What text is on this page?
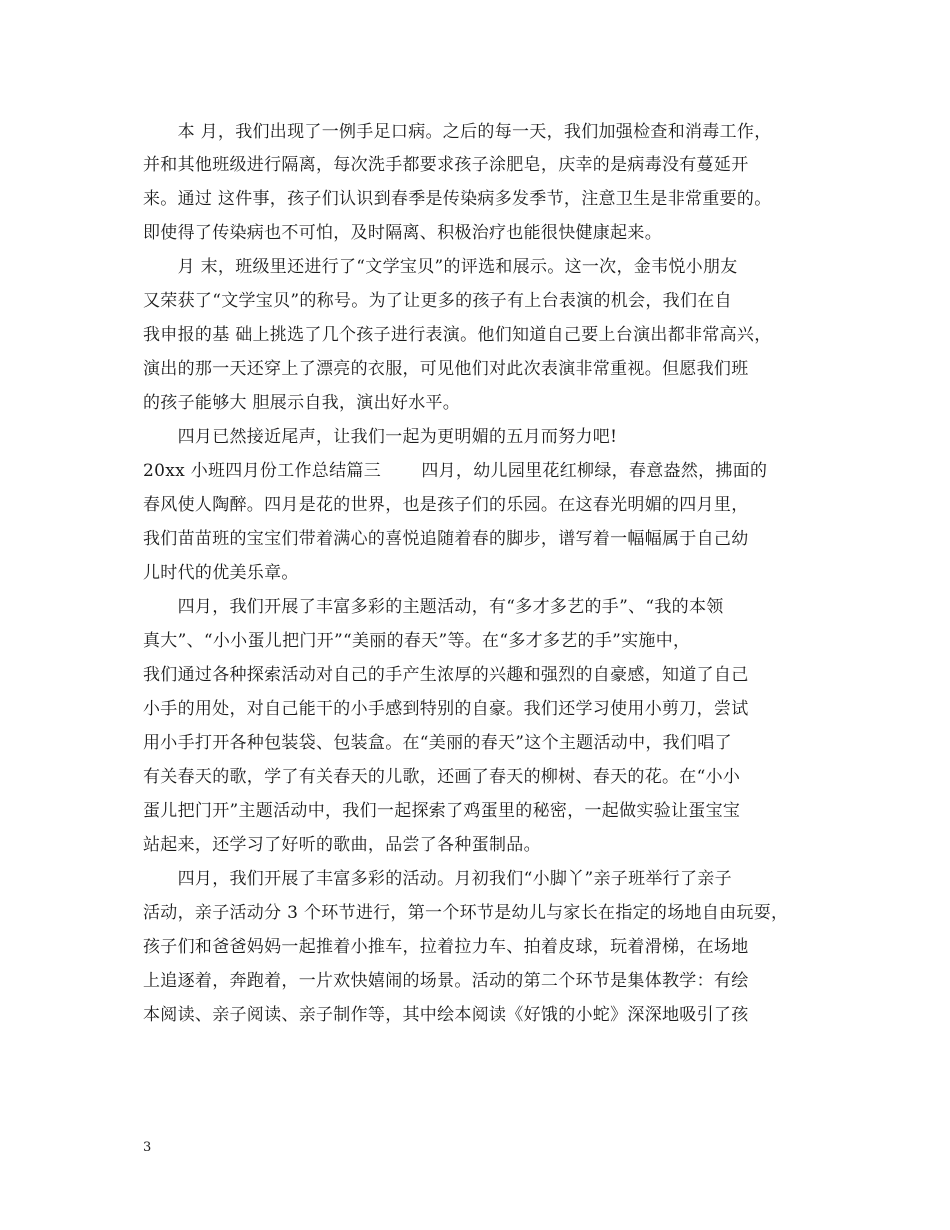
　　本 月，我们出现了一例手足口病。之后的每一天，我们加强检查和消毒工作，
并和其他班级进行隔离，每次洗手都要求孩子涂肥皂，庆幸的是病毒没有蔓延开
来。通过 这件事，孩子们认识到春季是传染病多发季节，注意卫生是非常重要的。
即使得了传染病也不可怕，及时隔离、积极治疗也能很快健康起来。
　　月 末，班级里还进行了“文学宝贝”的评选和展示。这一次，金韦悦小朋友
又荣获了“文学宝贝”的称号。为了让更多的孩子有上台表演的机会，我们在自
我申报的基 础上挑选了几个孩子进行表演。他们知道自己要上台演出都非常高兴，
演出的那一天还穿上了漂亮的衣服，可见他们对此次表演非常重视。但愿我们班
的孩子能够大 胆展示自我，演出好水平。
　　四月已然接近尾声，让我们一起为更明媚的五月而努力吧!
20xx 小班四月份工作总结篇三　　 四月，幼儿园里花红柳绿，春意盎然，拂面的
春风使人陶醉。四月是花的世界，也是孩子们的乐园。在这春光明媚的四月里，
我们苗苗班的宝宝们带着满心的喜悦追随着春的脚步，谱写着一幅幅属于自己幼
儿时代的优美乐章。
　　四月，我们开展了丰富多彩的主题活动，有“多才多艺的手”、“我的本领
真大”、“小小蛋儿把门开”“美丽的春天”等。在“多才多艺的手”实施中，
我们通过各种探索活动对自己的手产生浓厚的兴趣和强烈的自豪感，知道了自己
小手的用处，对自己能干的小手感到特别的自豪。我们还学习使用小剪刀，尝试
用小手打开各种包装袋、包装盒。在“美丽的春天”这个主题活动中，我们唱了
有关春天的歌，学了有关春天的儿歌，还画了春天的柳树、春天的花。在“小小
蛋儿把门开”主题活动中，我们一起探索了鸡蛋里的秘密，一起做实验让蛋宝宝
站起来，还学习了好听的歌曲，品尝了各种蛋制品。
　　四月，我们开展了丰富多彩的活动。月初我们“小脚丫”亲子班举行了亲子
活动，亲子活动分 3 个环节进行，第一个环节是幼儿与家长在指定的场地自由玩耍，
孩子们和爸爸妈妈一起推着小推车，拉着拉力车、拍着皮球，玩着滑梯，在场地
上追逐着，奔跑着，一片欢快嬉闹的场景。活动的第二个环节是集体教学：有绘
本阅读、亲子阅读、亲子制作等，其中绘本阅读《好饿的小蛇》深深地吸引了孩
3
